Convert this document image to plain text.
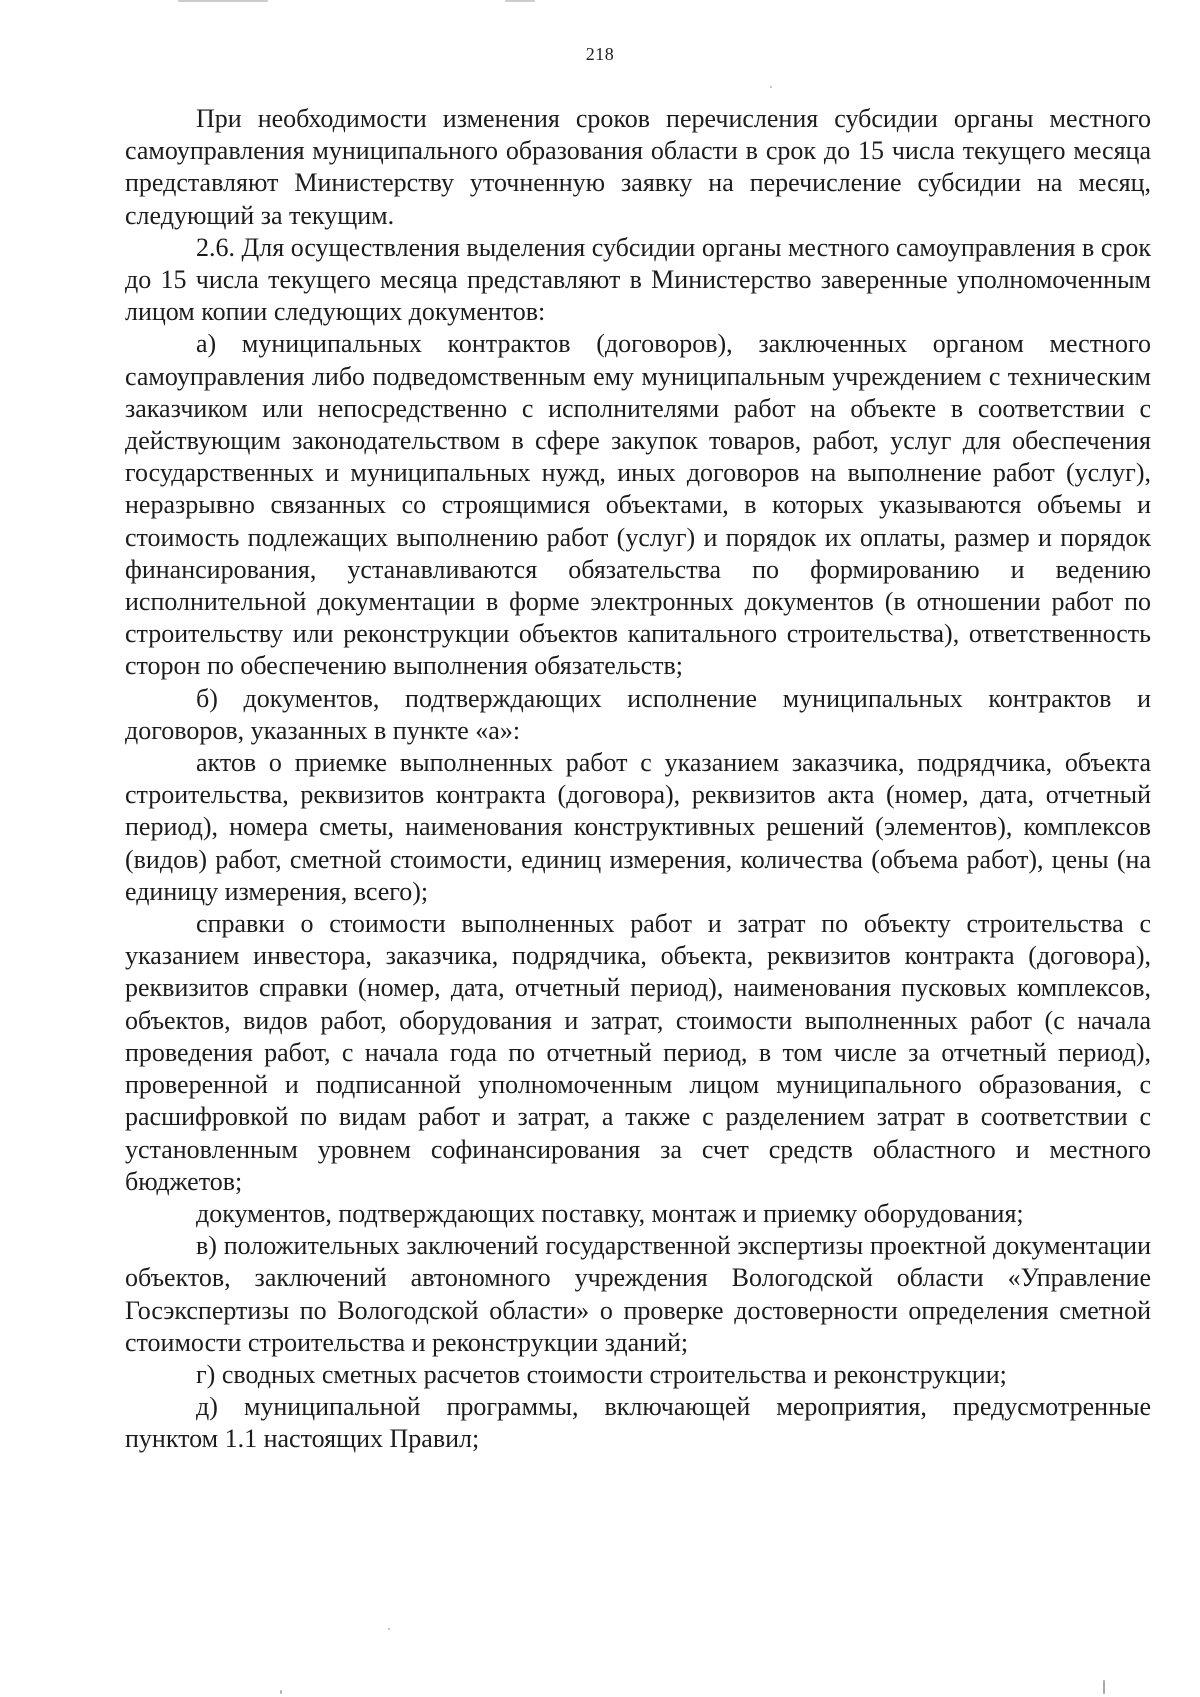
218

При необходимости изменения сроков перечисления субсидии органы местного самоуправления муниципального образования области в срок до 15 числа текущего месяца представляют Министерству уточненную заявку на перечисление субсидии на месяц, следующий за текущим.

2.6. Для осуществления выделения субсидии органы местного самоуправления в срок до 15 числа текущего месяца представляют в Министерство заверенные уполномоченным лицом копии следующих документов:

а) муниципальных контрактов (договоров), заключенных органом местного самоуправления либо подведомственным ему муниципальным учреждением с техническим заказчиком или непосредственно с исполнителями работ на объекте в соответствии с действующим законодательством в сфере закупок товаров, работ, услуг для обеспечения государственных и муниципальных нужд, иных договоров на выполнение работ (услуг), неразрывно связанных со строящимися объектами, в которых указываются объемы и стоимость подлежащих выполнению работ (услуг) и порядок их оплаты, размер и порядок финансирования, устанавливаются обязательства по формированию и ведению исполнительной документации в форме электронных документов (в отношении работ по строительству или реконструкции объектов капитального строительства), ответственность сторон по обеспечению выполнения обязательств;

б) документов, подтверждающих исполнение муниципальных контрактов и договоров, указанных в пункте «а»:

актов о приемке выполненных работ с указанием заказчика, подрядчика, объекта строительства, реквизитов контракта (договора), реквизитов акта (номер, дата, отчетный период), номера сметы, наименования конструктивных решений (элементов), комплексов (видов) работ, сметной стоимости, единиц измерения, количества (объема работ), цены (на единицу измерения, всего);

справки о стоимости выполненных работ и затрат по объекту строительства с указанием инвестора, заказчика, подрядчика, объекта, реквизитов контракта (договора), реквизитов справки (номер, дата, отчетный период), наименования пусковых комплексов, объектов, видов работ, оборудования и затрат, стоимости выполненных работ (с начала проведения работ, с начала года по отчетный период, в том числе за отчетный период), проверенной и подписанной уполномоченным лицом муниципального образования, с расшифровкой по видам работ и затрат, а также с разделением затрат в соответствии с установленным уровнем софинансирования за счет средств областного и местного бюджетов;

документов, подтверждающих поставку, монтаж и приемку оборудования;

в) положительных заключений государственной экспертизы проектной документации объектов, заключений автономного учреждения Вологодской области «Управление Госэкспертизы по Вологодской области» о проверке достоверности определения сметной стоимости строительства и реконструкции зданий;

г) сводных сметных расчетов стоимости строительства и реконструкции;

д) муниципальной программы, включающей мероприятия, предусмотренные пунктом 1.1 настоящих Правил;
